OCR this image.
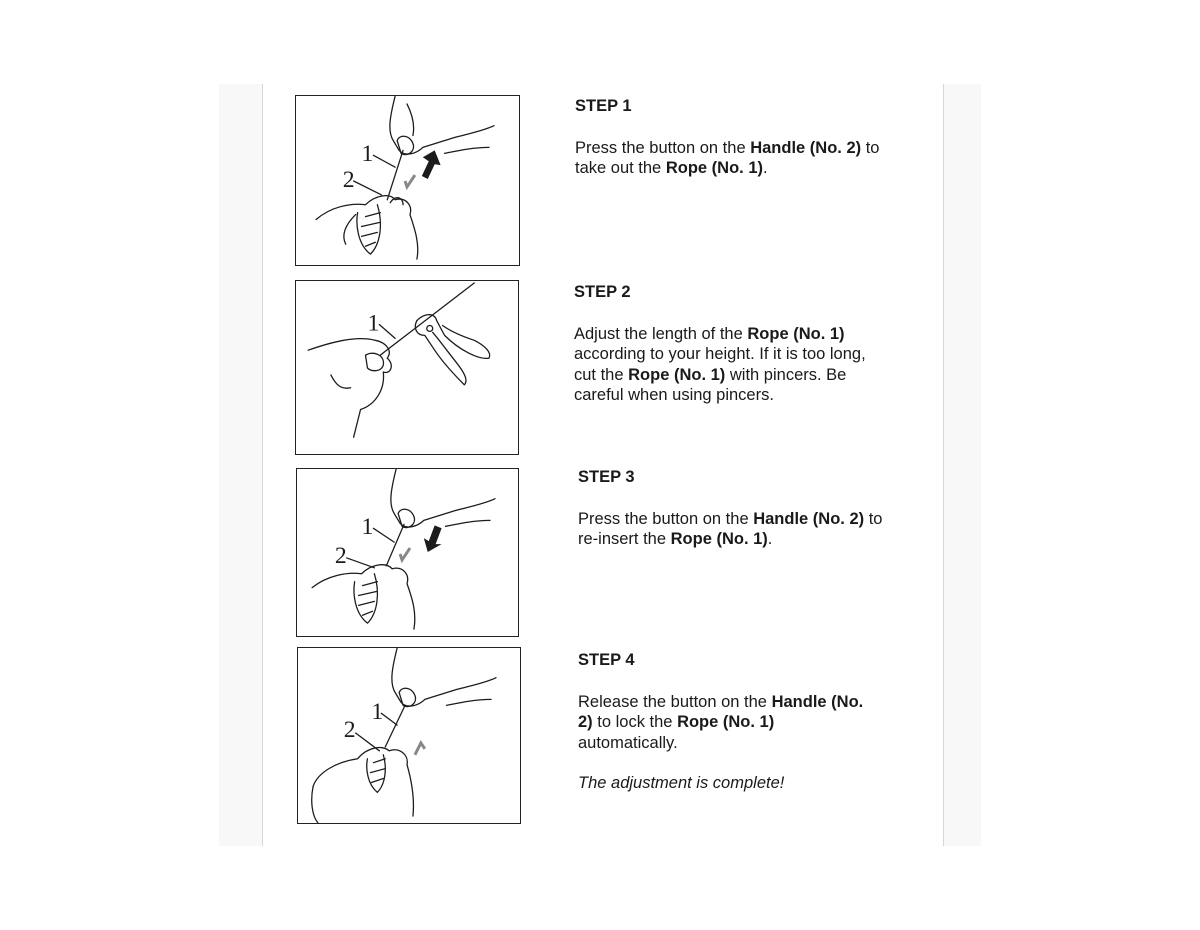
1
2
1
1
2
1
2
STEP 1

Press the button on the Handle (No. 2) to take out the Rope (No. 1).

STEP 2

Adjust the length of the Rope (No. 1) according to your height. If it is too long, cut the Rope (No. 1) with pincers. Be careful when using pincers.

STEP 3

Press the button on the Handle (No. 2) to re-insert the Rope (No. 1).

STEP 4

Release the button on the Handle (No. 2) to lock the Rope (No. 1) automatically.

The adjustment is complete!
